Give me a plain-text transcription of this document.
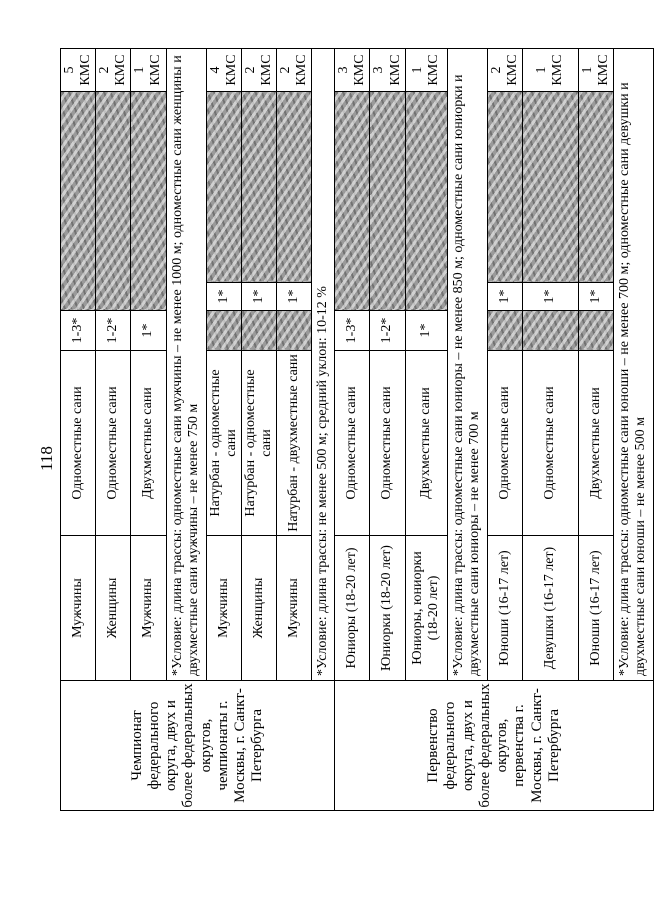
118
Чемпионат федерального округа, двух и более федеральных округов, чемпионаты г. Москвы, г. Санкт-Петербурга	Мужчины	Одноместные сани	1-3*			5 КМС
	Женщины	Одноместные сани	1-2*			2 КМС
	Мужчины	Двухместные сани	1*			1 КМС
	*Условие: длина трассы: одноместные сани мужчины – не менее 1000 м; одноместные сани женщины и двухместные сани мужчины – не менее 750 м					
	Мужчины	Натурбан - одноместные сани		1*		4 КМС
	Женщины	Натурбан - одноместные сани		1*		2 КМС
	Мужчины	Натурбан - двухместные сани		1*		2 КМС
	*Условие: длина трассы: не менее 500 м; средний уклон: 10-12 %					
Первенство федерального округа, двух и более федеральных округов, первенства г. Москвы, г. Санкт-Петербурга	Юниоры (18-20 лет)	Одноместные сани	1-3*			3 КМС
	Юниорки (18-20 лет)	Одноместные сани	1-2*			3 КМС
	Юниоры, юниорки (18-20 лет)	Двухместные сани	1*			1 КМС
	*Условие: длина трассы: одноместные сани юниоры – не менее 850 м; одноместные сани юниорки и двухместные сани юниоры – не менее 700 м					
	Юноши (16-17 лет)	Одноместные сани		1*		2 КМС
	Девушки (16-17 лет)	Одноместные сани		1*		1 КМС
	Юноши (16-17 лет)	Двухместные сани		1*		1 КМС
	*Условие: длина трассы: одноместные сани юноши – не менее 700 м; одноместные сани девушки и двухместные сани юноши – не менее 500 м					
